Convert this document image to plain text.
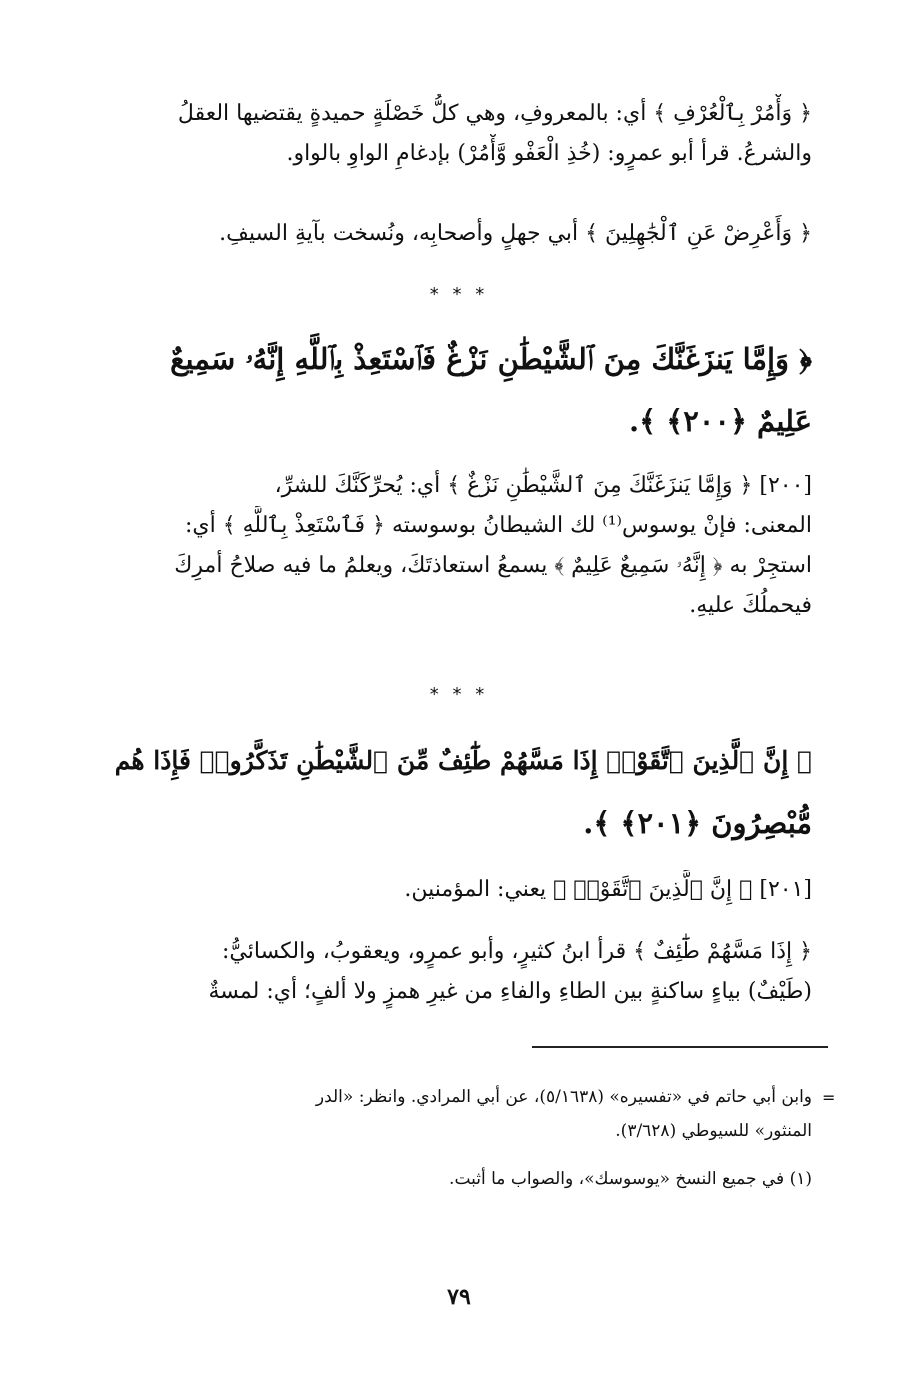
﴿ وَأْمُرْ بِٱلْعُرْفِ ﴾ أي: بالمعروفِ، وهي كلُّ خَصْلَةٍ حميدةٍ يقتضيها العقلُ
والشرعُ. قرأ أبو عمرٍو: (خُذِ الْعَفْو وَّأْمُرْ) بإدغامِ الواوِ بالواو.
﴿ وَأَعْرِضْ عَنِ ٱلْجَٰهِلِينَ ﴾ أبي جهلٍ وأصحابِه، ونُسخت بآيةِ السيفِ.
* * *
﴿ وَإِمَّا يَنزَغَنَّكَ مِنَ ٱلشَّيْطَٰنِ نَزْغٌ فَٱسْتَعِذْ بِٱللَّهِ إِنَّهُۥ سَمِيعٌ
عَلِيمٌ ﴿٢٠٠﴾ ﴾.
[٢٠٠] ﴿ وَإِمَّا يَنزَغَنَّكَ مِنَ ٱلشَّيْطَٰنِ نَزْغٌ ﴾ أي: يُحرِّكَنَّكَ للشرِّ،
المعنى: فإنْ يوسوس⁽¹⁾ لك الشيطانُ بوسوسته ﴿ فَٱسْتَعِذْ بِٱللَّهِ ﴾ أي:
استجِرْ به ﴿ إِنَّهُۥ سَمِيعٌ عَلِيمٌ ﴾ يسمعُ استعاذتَكَ، ويعلمُ ما فيه صلاحُ أمرِكَ
فيحملُكَ عليهِ.
* * *
﴿ إِنَّ ٱلَّذِينَ ٱتَّقَوْا۟ إِذَا مَسَّهُمْ طَٰٓئِفٌ مِّنَ ٱلشَّيْطَٰنِ تَذَكَّرُوا۟ فَإِذَا هُم
مُّبْصِرُونَ ﴿٢٠١﴾ ﴾.
[٢٠١] ﴿ إِنَّ ٱلَّذِينَ ٱتَّقَوْا۟ ﴾ يعني: المؤمنين.
﴿ إِذَا مَسَّهُمْ طَٰٓئِفٌ ﴾ قرأ ابنُ كثيرٍ، وأبو عمرٍو، ويعقوبُ، والكسائيُّ:
(طَيْفٌ) بياءٍ ساكنةٍ بين الطاءِ والفاءِ من غيرِ همزٍ ولا ألفٍ؛ أي: لمسةٌ
=
وابن أبي حاتم في «تفسيره» (٥/١٦٣٨)، عن أبي المرادي. وانظر: «الدر
المنثور» للسيوطي (٣/٦٢٨).
(١) في جميع النسخ «يوسوسك»، والصواب ما أثبت.
٧٩
